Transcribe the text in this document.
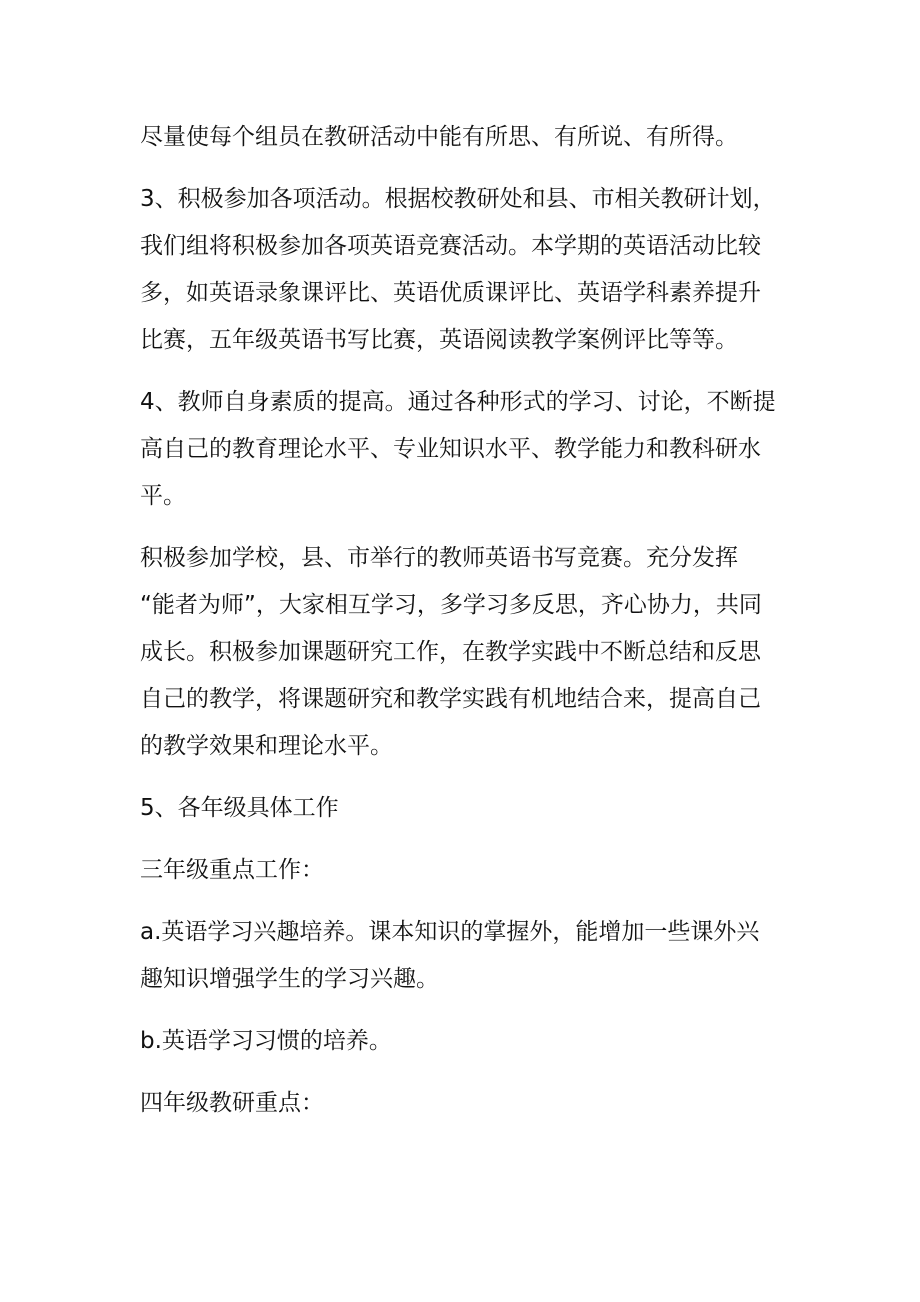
尽量使每个组员在教研活动中能有所思、有所说、有所得。

3、积极参加各项活动。根据校教研处和县、市相关教研计划，
我们组将积极参加各项英语竞赛活动。本学期的英语活动比较
多，如英语录象课评比、英语优质课评比、英语学科素养提升
比赛，五年级英语书写比赛，英语阅读教学案例评比等等。

4、教师自身素质的提高。通过各种形式的学习、讨论，不断提
高自己的教育理论水平、专业知识水平、教学能力和教科研水
平。

积极参加学校，县、市举行的教师英语书写竞赛。充分发挥
“能者为师”，大家相互学习，多学习多反思，齐心协力，共同
成长。积极参加课题研究工作，在教学实践中不断总结和反思
自己的教学，将课题研究和教学实践有机地结合来，提高自己
的教学效果和理论水平。

5、各年级具体工作

三年级重点工作：

a.英语学习兴趣培养。课本知识的掌握外，能增加一些课外兴
趣知识增强学生的学习兴趣。

b.英语学习习惯的培养。

四年级教研重点：
